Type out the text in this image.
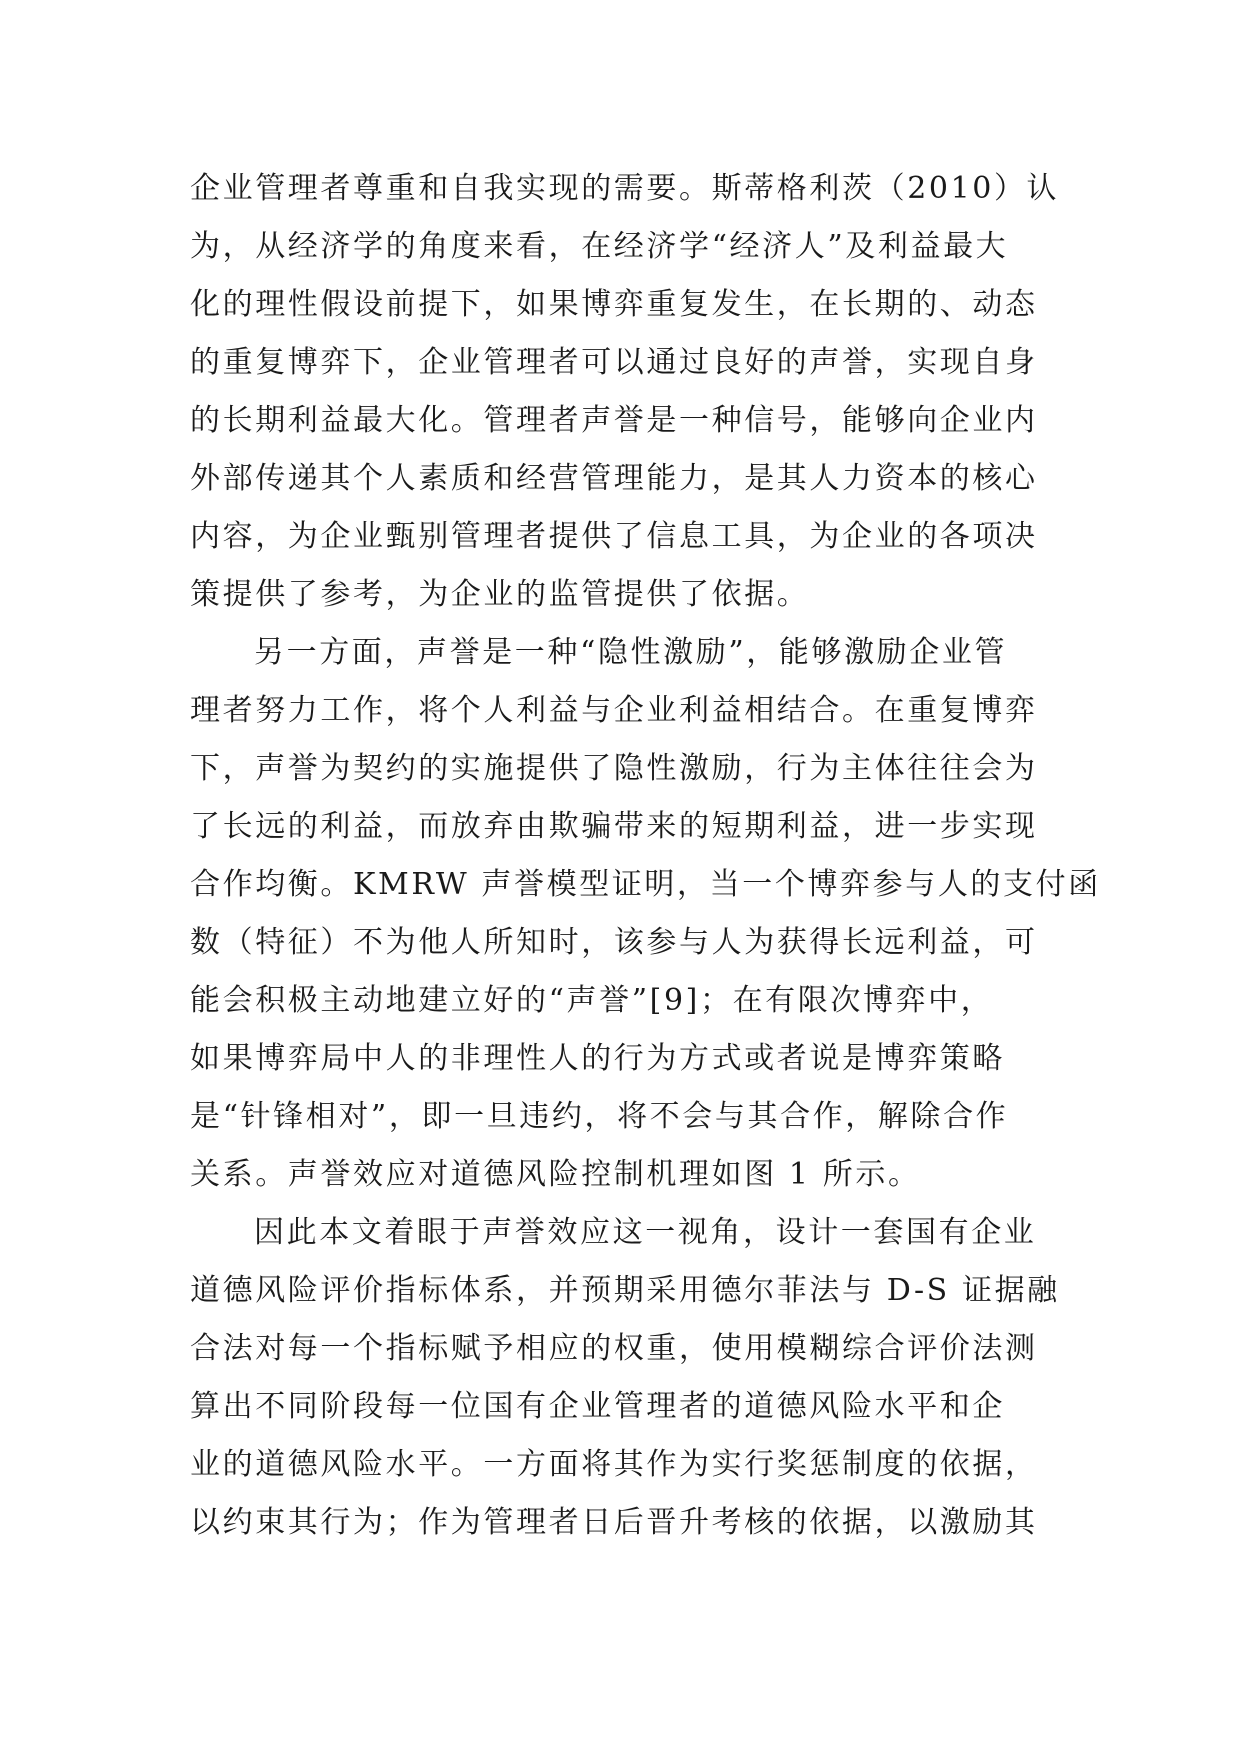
企业管理者尊重和自我实现的需要。斯蒂格利茨（2010）认
为，从经济学的角度来看，在经济学“经济人”及利益最大
化的理性假设前提下，如果博弈重复发生，在长期的、动态
的重复博弈下，企业管理者可以通过良好的声誉，实现自身
的长期利益最大化。管理者声誉是一种信号，能够向企业内
外部传递其个人素质和经营管理能力，是其人力资本的核心
内容，为企业甄别管理者提供了信息工具，为企业的各项决
策提供了参考，为企业的监管提供了依据。
另一方面，声誉是一种“隐性激励”，能够激励企业管
理者努力工作，将个人利益与企业利益相结合。在重复博弈
下，声誉为契约的实施提供了隐性激励，行为主体往往会为
了长远的利益，而放弃由欺骗带来的短期利益，进一步实现
合作均衡。KMRW 声誉模型证明，当一个博弈参与人的支付函
数（特征）不为他人所知时，该参与人为获得长远利益，可
能会积极主动地建立好的“声誉”[9]；在有限次博弈中，
如果博弈局中人的非理性人的行为方式或者说是博弈策略
是“针锋相对”，即一旦违约，将不会与其合作，解除合作
关系。声誉效应对道德风险控制机理如图 1 所示。
因此本文着眼于声誉效应这一视角，设计一套国有企业
道德风险评价指标体系，并预期采用德尔菲法与 D-S 证据融
合法对每一个指标赋予相应的权重，使用模糊综合评价法测
算出不同阶段每一位国有企业管理者的道德风险水平和企
业的道德风险水平。一方面将其作为实行奖惩制度的依据，
以约束其行为；作为管理者日后晋升考核的依据，以激励其
